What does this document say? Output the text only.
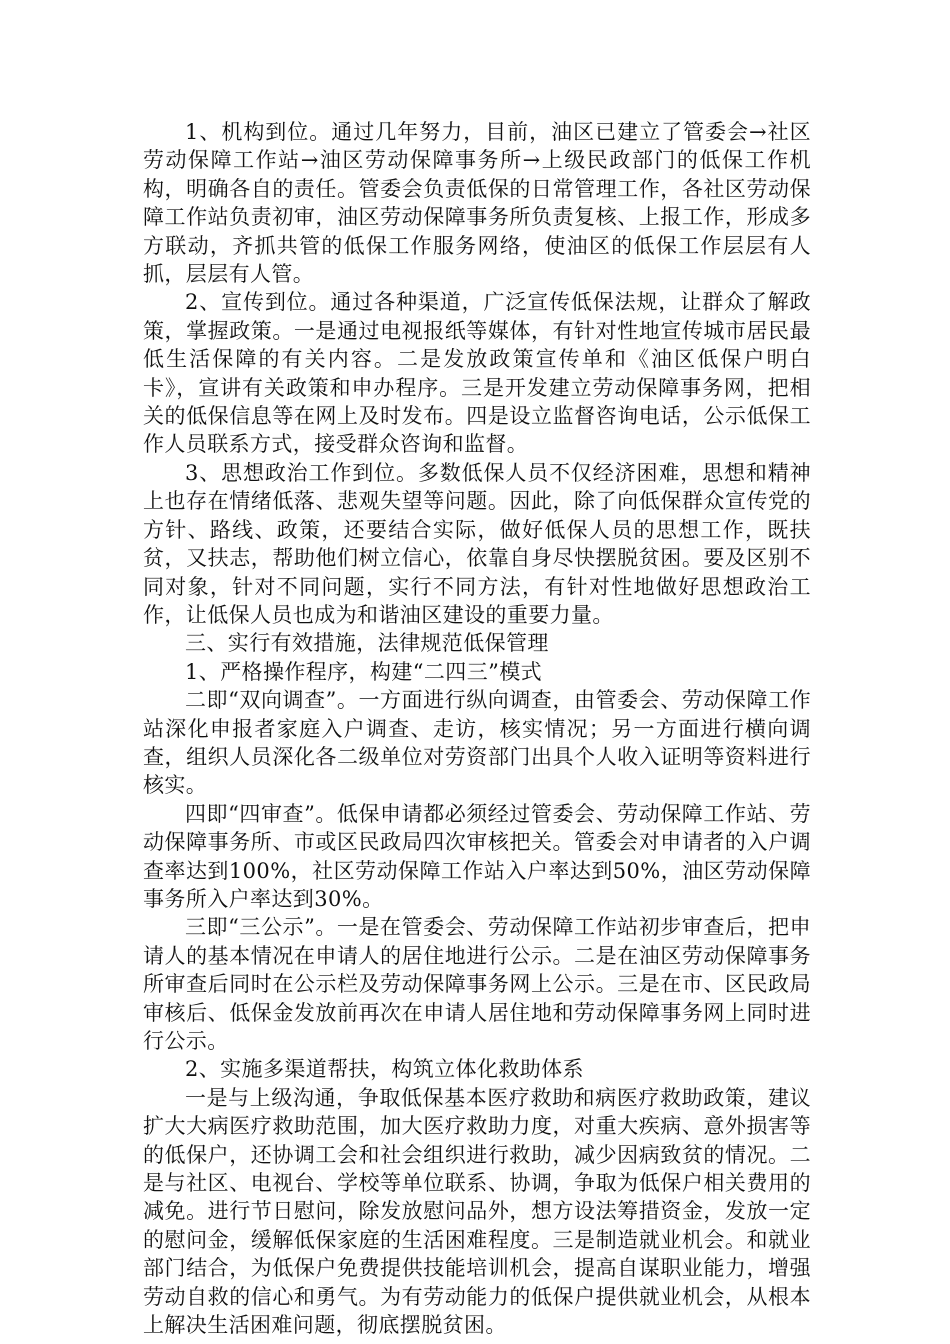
1、机构到位。通过几年努力，目前，油区已建立了管委会→社区劳动保障工作站→油区劳动保障事务所→上级民政部门的低保工作机构，明确各自的责任。管委会负责低保的日常管理工作，各社区劳动保障工作站负责初审，油区劳动保障事务所负责复核、上报工作，形成多方联动，齐抓共管的低保工作服务网络，使油区的低保工作层层有人抓，层层有人管。

2、宣传到位。通过各种渠道，广泛宣传低保法规，让群众了解政策，掌握政策。一是通过电视报纸等媒体，有针对性地宣传城市居民最低生活保障的有关内容。二是发放政策宣传单和《油区低保户明白卡》，宣讲有关政策和申办程序。三是开发建立劳动保障事务网，把相关的低保信息等在网上及时发布。四是设立监督咨询电话，公示低保工作人员联系方式，接受群众咨询和监督。

3、思想政治工作到位。多数低保人员不仅经济困难，思想和精神上也存在情绪低落、悲观失望等问题。因此，除了向低保群众宣传党的方针、路线、政策，还要结合实际，做好低保人员的思想工作，既扶贫，又扶志，帮助他们树立信心，依靠自身尽快摆脱贫困。要及区别不同对象，针对不同问题，实行不同方法，有针对性地做好思想政治工作，让低保人员也成为和谐油区建设的重要力量。

三、实行有效措施，法律规范低保管理

1、严格操作程序，构建“二四三”模式

二即“双向调查”。一方面进行纵向调查，由管委会、劳动保障工作站深化申报者家庭入户调查、走访，核实情况；另一方面进行横向调查，组织人员深化各二级单位对劳资部门出具个人收入证明等资料进行核实。

四即“四审查”。低保申请都必须经过管委会、劳动保障工作站、劳动保障事务所、市或区民政局四次审核把关。管委会对申请者的入户调查率达到100%，社区劳动保障工作站入户率达到50%，油区劳动保障事务所入户率达到30%。

三即“三公示”。一是在管委会、劳动保障工作站初步审查后，把申请人的基本情况在申请人的居住地进行公示。二是在油区劳动保障事务所审查后同时在公示栏及劳动保障事务网上公示。三是在市、区民政局审核后、低保金发放前再次在申请人居住地和劳动保障事务网上同时进行公示。

2、实施多渠道帮扶，构筑立体化救助体系

一是与上级沟通，争取低保基本医疗救助和病医疗救助政策，建议扩大大病医疗救助范围，加大医疗救助力度，对重大疾病、意外损害等的低保户，还协调工会和社会组织进行救助，减少因病致贫的情况。二是与社区、电视台、学校等单位联系、协调，争取为低保户相关费用的减免。进行节日慰问，除发放慰问品外，想方设法筹措资金，发放一定的慰问金，缓解低保家庭的生活困难程度。三是制造就业机会。和就业部门结合，为低保户免费提供技能培训机会，提高自谋职业能力，增强劳动自救的信心和勇气。为有劳动能力的低保户提供就业机会，从根本上解决生活困难问题，彻底摆脱贫困。
